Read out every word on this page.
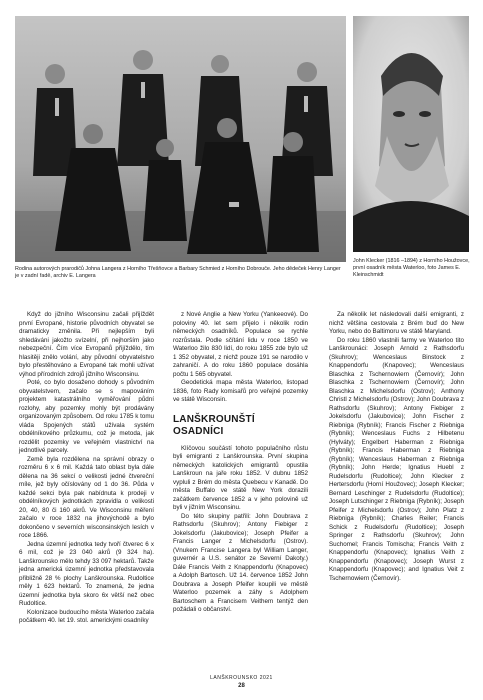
Rodina autorových prarodičů Johna Langera z Horního Třešňovce a Barbary Schmied z Horního Dobrouče. Jeho dědeček Henry Langer je v zadní řadě, archiv E. Langera

John Klecker (1816 –1894) z Horního Houžovce, první osadník města Waterloo, foto James E. Kleinschmidt

Když do jižního Wisconsinu začali přijíždět první Evropané, historie původních obyvatel se dramaticky změnila. Při nejlepším byli shledáváni jakožto svízelní, při nejhorším jako nebezpeční. Čím více Evropanů přijíždělo, tím hlasitěji znělo volání, aby původní obyvatelstvo bylo přestěhováno a Evropané tak mohli užívat výhod přírodních zdrojů jižního Wisconsinu.

Poté, co bylo dosaženo dohody s původním obyvatelstvem, začalo se s mapováním projektem katastrálního vyměřování půdní rozlohy, aby pozemky mohly být prodávány organizovaným způsobem. Od roku 1785 k tomu vláda Spojených států užívala systém obdélníkového průzkumu, což je metoda, jak rozdělit pozemky ve veřejném vlastnictví na jednotlivé parcely.

Země byla rozdělena na správní obrazy o rozměru 6 x 6 mil. Každá tato oblast byla dále dělena na 36 sekcí o velikosti jedné čtvereční míle, jež byly očíslovány od 1 do 36. Půda v každé sekci byla pak nabídnuta k prodeji v obdélníkových jednotkách zpravidla o velikosti 20, 40, 80 či 160 akrů. Ve Wisconsinu měření začalo v roce 1832 na jihovýchodě a bylo dokončeno v severních wisconsinských lesích v roce 1866.

Jedna územní jednotka tedy tvoří čtverec 6 x 6 mil, což je 23 040 akrů (9 324 ha). Lanškrounsko mělo tehdy 33 097 hektarů. Takže jedna americká územní jednotka představovala přibližně 28 % plochy Lanškrounska. Rudoltice měly 1 623 hektarů. To znamená, že jedna územní jednotka byla skoro 6x větší než obec Rudoltice.

Kolonizace budoucího města Waterloo začala počátkem 40. let 19. stol. americkými osadníky

z Nové Anglie a New Yorku (Yankeeové). Do poloviny 40. let sem přijelo i několik rodin německých osadníků. Populace se rychle rozrůstala. Podle sčítání lidu v roce 1850 ve Waterloo žilo 830 lidí, do roku 1855 zde bylo už 1 352 obyvatel, z nichž pouze 191 se narodilo v zahraničí. A do roku 1860 populace dosáhla počtu 1 565 obyvatel.

Geodetická mapa města Waterloo, listopad 1836, foto Rady komisařů pro veřejné pozemky ve státě Wisconsin.

LANŠKROUNŠTÍ OSADNÍCI

Klíčovou součástí tohoto populačního růstu byli emigranti z Lanškrounska. První skupina německých katolických emigrantů opustila Lanškroun na jaře roku 1852. V dubnu 1852 vypluli z Brém do města Quebecu v Kanadě. Do města Buffalo ve státě New York dorazili začátkem července 1852 a v jeho polovině už byli v jižním Wisconsinu.

Do této skupiny patřili: John Doubrava z Rathsdorfu (Skuhrov); Antony Fiebiger z Jokelsdorfu (Jakubovice); Joseph Pfeifer a Francis Langer z Michelsdorfu (Ostrov). (Vnukem Francise Langera byl William Langer, guvernér a U.S. senátor ze Severní Dakoty.) Dále Francis Veith z Knappendorfu (Knapovec) a Adolph Bartosch. Už 14. července 1852 John Doubrava a Joseph Pfeifer koupili ve městě Waterloo pozemek a záhy s Adolphem Bartoschem a Francisem Veithem tentýž den požádali o občanství.

Za několik let následovali další emigranti, z nichž většina cestovala z Brém buď do New Yorku, nebo do Baltimoru ve státě Maryland.

Do roku 1860 vlastnili farmy ve Waterloo tito Lanškrounáci: Joseph Arnold z Rathsdorfu (Skuhrov); Wenceslaus Binstock z Knappendorfu (Knapovec); Wenceslaus Blaschka z Tschernowiern (Černovír); John Blaschka z Tschernowiern (Černovír); John Blaschka z Michelsdorfu (Ostrov); Anthony Christl z Michelsdorfu (Ostrov); John Doubrava z Rathsdorfu (Skuhrov); Antony Fiebiger z Jokelsdorfu (Jakubovice); John Fischer z Riebniga (Rybník); Francis Fischer z Riebniga (Rybník); Wenceslaus Fuchs z Hilbetenu (Hylváty); Engelbert Haberman z Riebniga (Rybník); Francis Haberman z Riebniga (Rybník); Wenceslaus Haberman z Riebniga (Rybník); John Herde; Ignatius Huebl z Rudelsdorfu (Rudoltice); John Klecker z Hertersdorfu (Horní Houžovec); Joseph Klecker; Bernard Leschinger z Rudelsdorfu (Rudoltice); Joseph Lutschinger z Riebniga (Rybník); Joseph Pfeifer z Michelsdorfu (Ostrov); John Platz z Riebniga (Rybník); Charles Reiler; Francis Schick z Rudelsdorfu (Rudoltice); Joseph Springer z Rathsdorfu (Skuhrov); John Suchomel; Francis Tomischa; Francis Veith z Knappendorfu (Knapovec); Ignatius Veith z Knappendorfu (Knapovec); Joseph Wurst z Knappendorfu (Knapovec); and Ignatius Veit z Tschernowiern (Černovír).

LANŠKROUNSKO 2021
28
